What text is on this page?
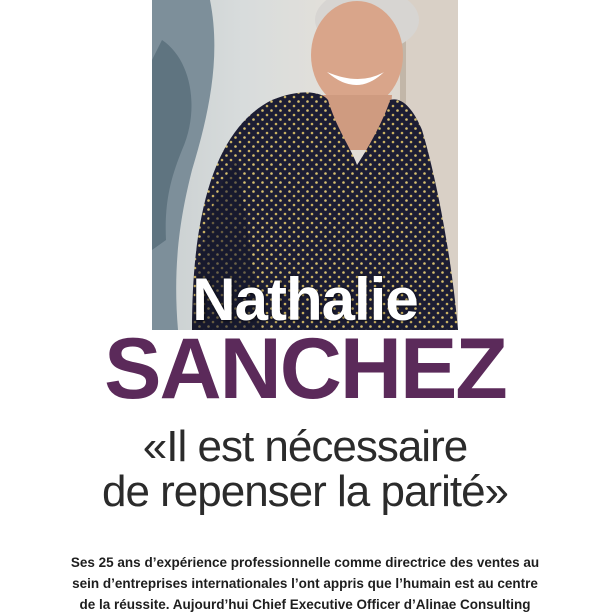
Nathalie
SANCHEZ
«Il est nécessaire
de repenser la parité»
Ses 25 ans d’expérience professionnelle comme directrice des ventes au
sein d’entreprises internationales l’ont appris que l’humain est au centre
de la réussite. Aujourd’hui Chief Executive Officer d’Alinae Consulting
